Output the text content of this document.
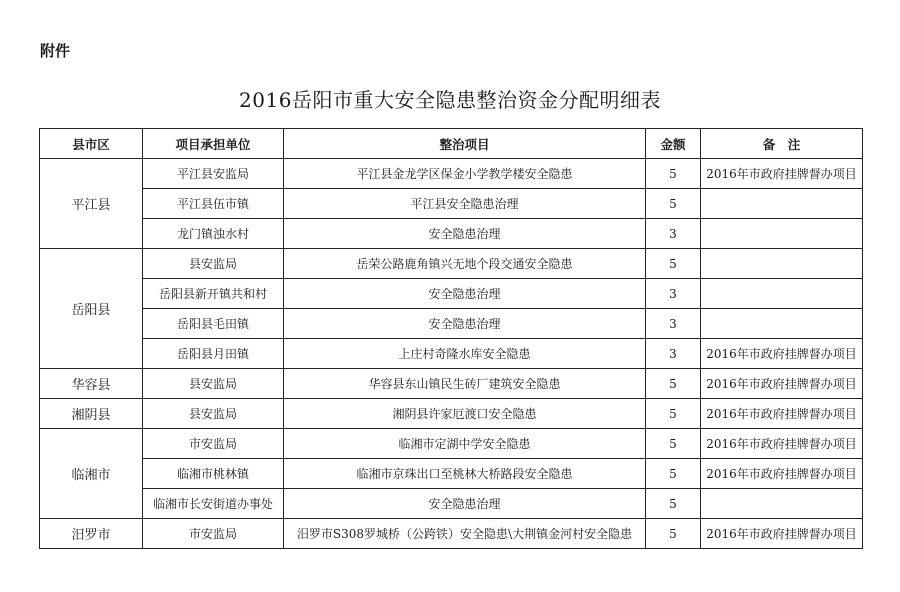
附件
2016岳阳市重大安全隐患整治资金分配明细表
县市区	项目承担单位	整治项目	金额	备　注
平江县	平江县安监局	平江县金龙学区保金小学教学楼安全隐患	5	2016年市政府挂牌督办项目
	平江县伍市镇	平江县安全隐患治理	5	
	龙门镇浊水村	安全隐患治理	3	
岳阳县	县安监局	岳荣公路鹿角镇兴无地个段交通安全隐患	5	
	岳阳县新开镇共和村	安全隐患治理	3	
	岳阳县毛田镇	安全隐患治理	3	
	岳阳县月田镇	上庄村奇隆水库安全隐患	3	2016年市政府挂牌督办项目
华容县	县安监局	华容县东山镇民生砖厂建筑安全隐患	5	2016年市政府挂牌督办项目
湘阴县	县安监局	湘阴县许家厄渡口安全隐患	5	2016年市政府挂牌督办项目
临湘市	市安监局	临湘市定湖中学安全隐患	5	2016年市政府挂牌督办项目
	临湘市桃林镇	临湘市京珠出口至桃林大桥路段安全隐患	5	2016年市政府挂牌督办项目
	临湘市长安街道办事处	安全隐患治理	5	
汨罗市	市安监局	汨罗市S308罗城桥（公跨铁）安全隐患\大荆镇金河村安全隐患	5	2016年市政府挂牌督办项目
